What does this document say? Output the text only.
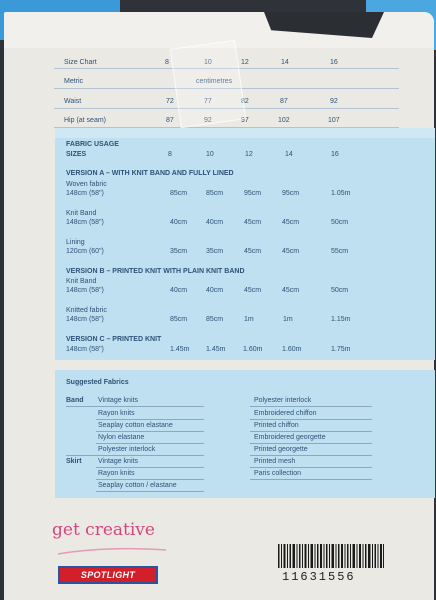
Size Chart	8	10	12	14	16
Metric	centimetres
Waist	72	77	82	87	92
Hip (at seam)	87	92	97	102	107
FABRIC USAGE
SIZES	8	10	12	14	16
VERSION A – WITH KNIT BAND AND FULLY LINED
Woven fabric
148cm (58")	85cm	85cm	95cm	95cm	1.05m
Knit Band
148cm (58")	40cm	40cm	45cm	45cm	50cm
Lining
120cm (60")	35cm	35cm	45cm	45cm	55cm
VERSION B – PRINTED KNIT WITH PLAIN KNIT BAND
Knit Band
148cm (58")	40cm	40cm	45cm	45cm	50cm
Knitted fabric
148cm (58")	85cm	85cm	1m	1m	1.15m
VERSION C – PRINTED KNIT
148cm (58")	1.45m 1.45m	1.60m	1.60m	1.75m
Suggested Fabrics
Band Vintage knits
Rayon knits
Seaplay cotton elastane
Nylon elastane
Polyester interlock
Skirt Vintage knits
Rayon knits
Seaplay cotton / elastane
Polyester interlock
Embroidered chiffon
Printed chiffon
Embroidered georgette
Printed georgette
Printed mesh
Paris collection
get creative
SPOTLIGHT	11631556
